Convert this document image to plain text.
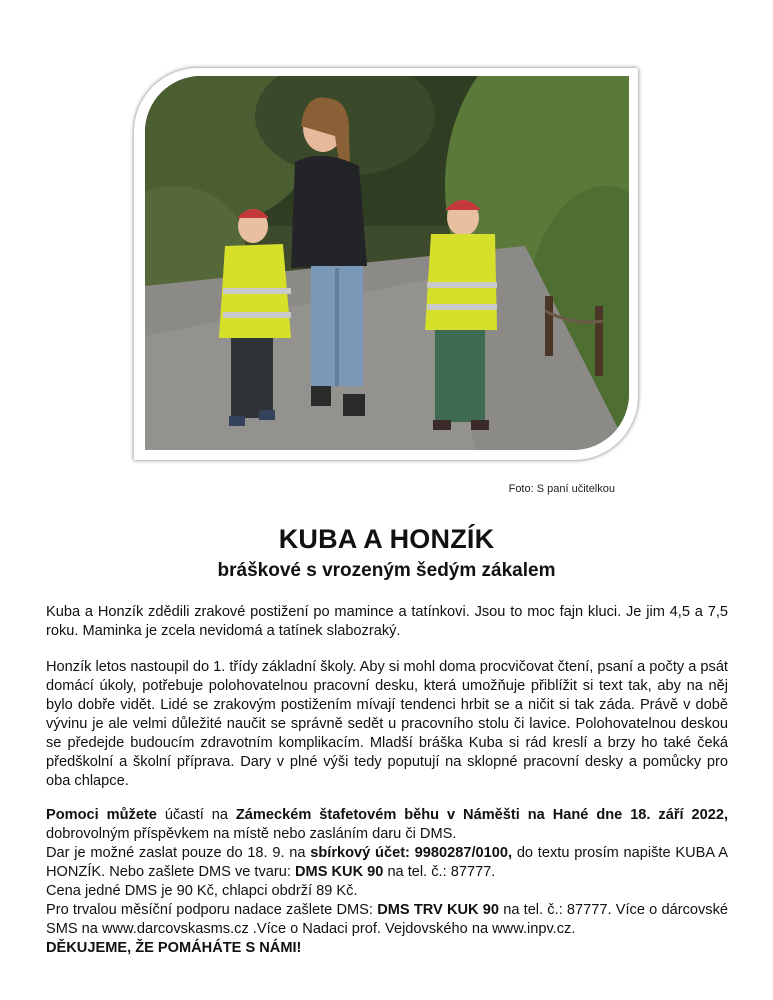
Foto: S paní učitelkou
KUBA A HONZÍK
bráškové s vrozeným šedým zákalem
Kuba a Honzík zdědili zrakové postižení po mamince a tatínkovi. Jsou to moc fajn kluci. Je jim 4,5 a 7,5 roku. Maminka je zcela nevidomá a tatínek slabozraký.
Honzík letos nastoupil do 1. třídy základní školy. Aby si mohl doma procvičovat čtení, psaní a počty a psát domácí úkoly, potřebuje polohovatelnou pracovní desku, která umožňuje přiblížit si text tak, aby na něj bylo dobře vidět. Lidé se zrakovým postižením mívají tendenci hrbit se a ničit si tak záda. Právě v době vývinu je ale velmi důležité naučit se správně sedět u pracovního stolu či lavice. Polohovatelnou deskou se předejde budoucím zdravotním komplikacím. Mladší bráška Kuba si rád kreslí a brzy ho také čeká předškolní a školní příprava. Dary v plné výši tedy poputují na sklopné pracovní desky a pomůcky pro oba chlapce.
Pomoci můžete účastí na Zámeckém štafetovém běhu v Náměšti na Hané dne 18. září 2022, dobrovolným příspěvkem na místě nebo zasláním daru či DMS.
Dar je možné zaslat pouze do 18. 9. na sbírkový účet: 9980287/0100, do textu prosím napište KUBA A HONZÍK. Nebo zašlete DMS ve tvaru: DMS KUK 90 na tel. č.: 87777.
Cena jedné DMS je 90 Kč, chlapci obdrží 89 Kč.
Pro trvalou měsíční podporu nadace zašlete DMS: DMS TRV KUK 90 na tel. č.: 87777. Více o dárcovské SMS na www.darcovskasms.cz .Více o Nadaci prof. Vejdovského na www.inpv.cz.
DĚKUJEME, ŽE POMÁHÁTE S NÁMI!
